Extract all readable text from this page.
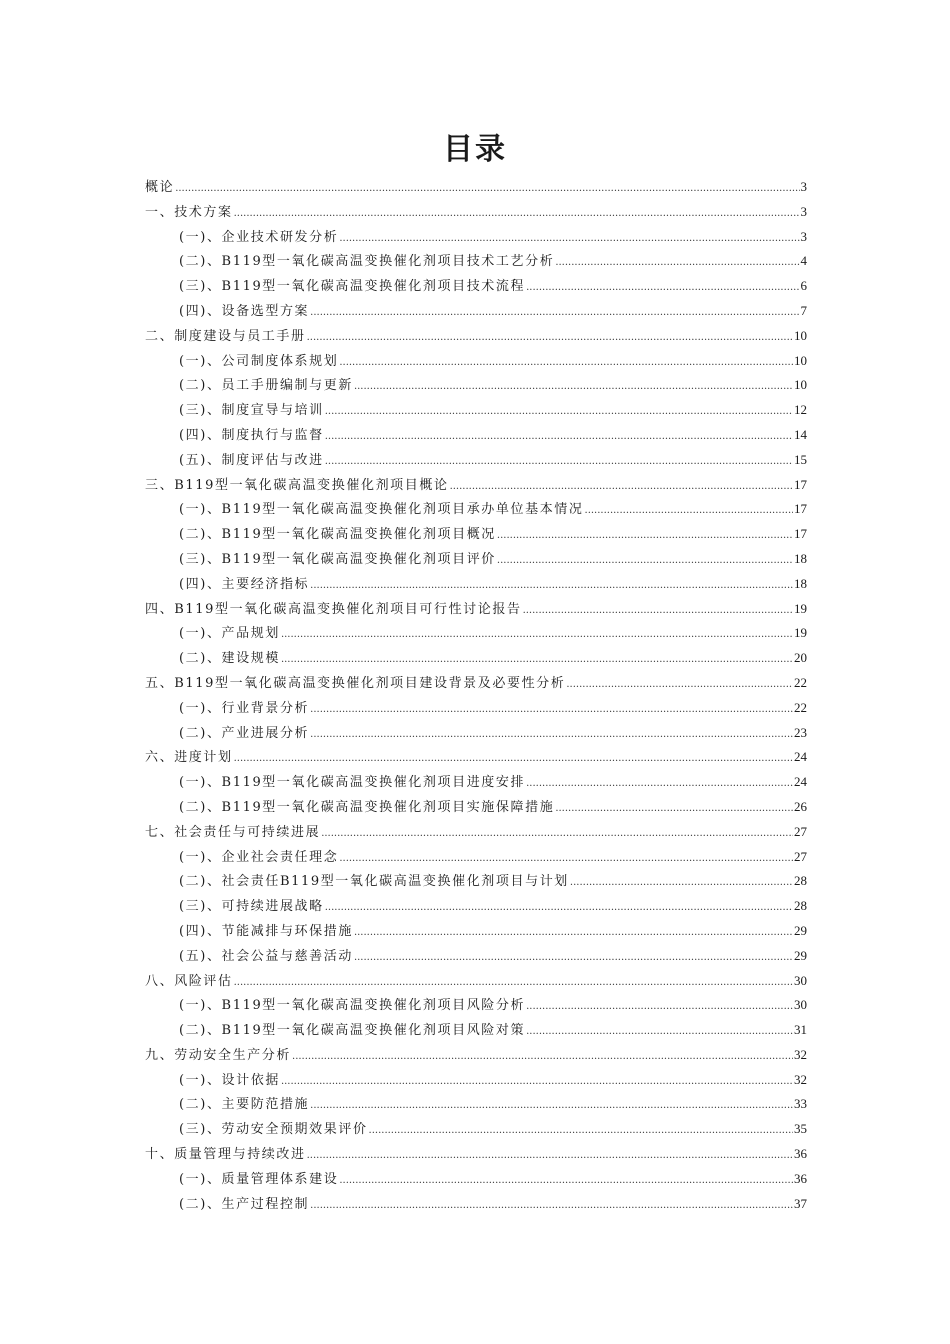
目录
概论 .....	3
一、技术方案 .....	3
(一)、企业技术研发分析 .....	3
(二)、B119型一氧化碳高温变换催化剂项目技术工艺分析 .....	4
(三)、B119型一氧化碳高温变换催化剂项目技术流程 .....	6
(四)、设备选型方案 .....	7
二、制度建设与员工手册 .....	10
(一)、公司制度体系规划 .....	10
(二)、员工手册编制与更新 .....	10
(三)、制度宣导与培训 .....	12
(四)、制度执行与监督 .....	14
(五)、制度评估与改进 .....	15
三、B119型一氧化碳高温变换催化剂项目概论 .....	17
(一)、B119型一氧化碳高温变换催化剂项目承办单位基本情况 .....	17
(二)、B119型一氧化碳高温变换催化剂项目概况 .....	17
(三)、B119型一氧化碳高温变换催化剂项目评价 .....	18
(四)、主要经济指标 .....	18
四、B119型一氧化碳高温变换催化剂项目可行性讨论报告 .....	19
(一)、产品规划 .....	19
(二)、建设规模 .....	20
五、B119型一氧化碳高温变换催化剂项目建设背景及必要性分析 .....	22
(一)、行业背景分析 .....	22
(二)、产业进展分析 .....	23
六、进度计划 .....	24
(一)、B119型一氧化碳高温变换催化剂项目进度安排 .....	24
(二)、B119型一氧化碳高温变换催化剂项目实施保障措施 .....	26
七、社会责任与可持续进展 .....	27
(一)、企业社会责任理念 .....	27
(二)、社会责任B119型一氧化碳高温变换催化剂项目与计划 .....	28
(三)、可持续进展战略 .....	28
(四)、节能减排与环保措施 .....	29
(五)、社会公益与慈善活动 .....	29
八、风险评估 .....	30
(一)、B119型一氧化碳高温变换催化剂项目风险分析 .....	30
(二)、B119型一氧化碳高温变换催化剂项目风险对策 .....	31
九、劳动安全生产分析 .....	32
(一)、设计依据 .....	32
(二)、主要防范措施 .....	33
(三)、劳动安全预期效果评价 .....	35
十、质量管理与持续改进 .....	36
(一)、质量管理体系建设 .....	36
(二)、生产过程控制 .....	37
